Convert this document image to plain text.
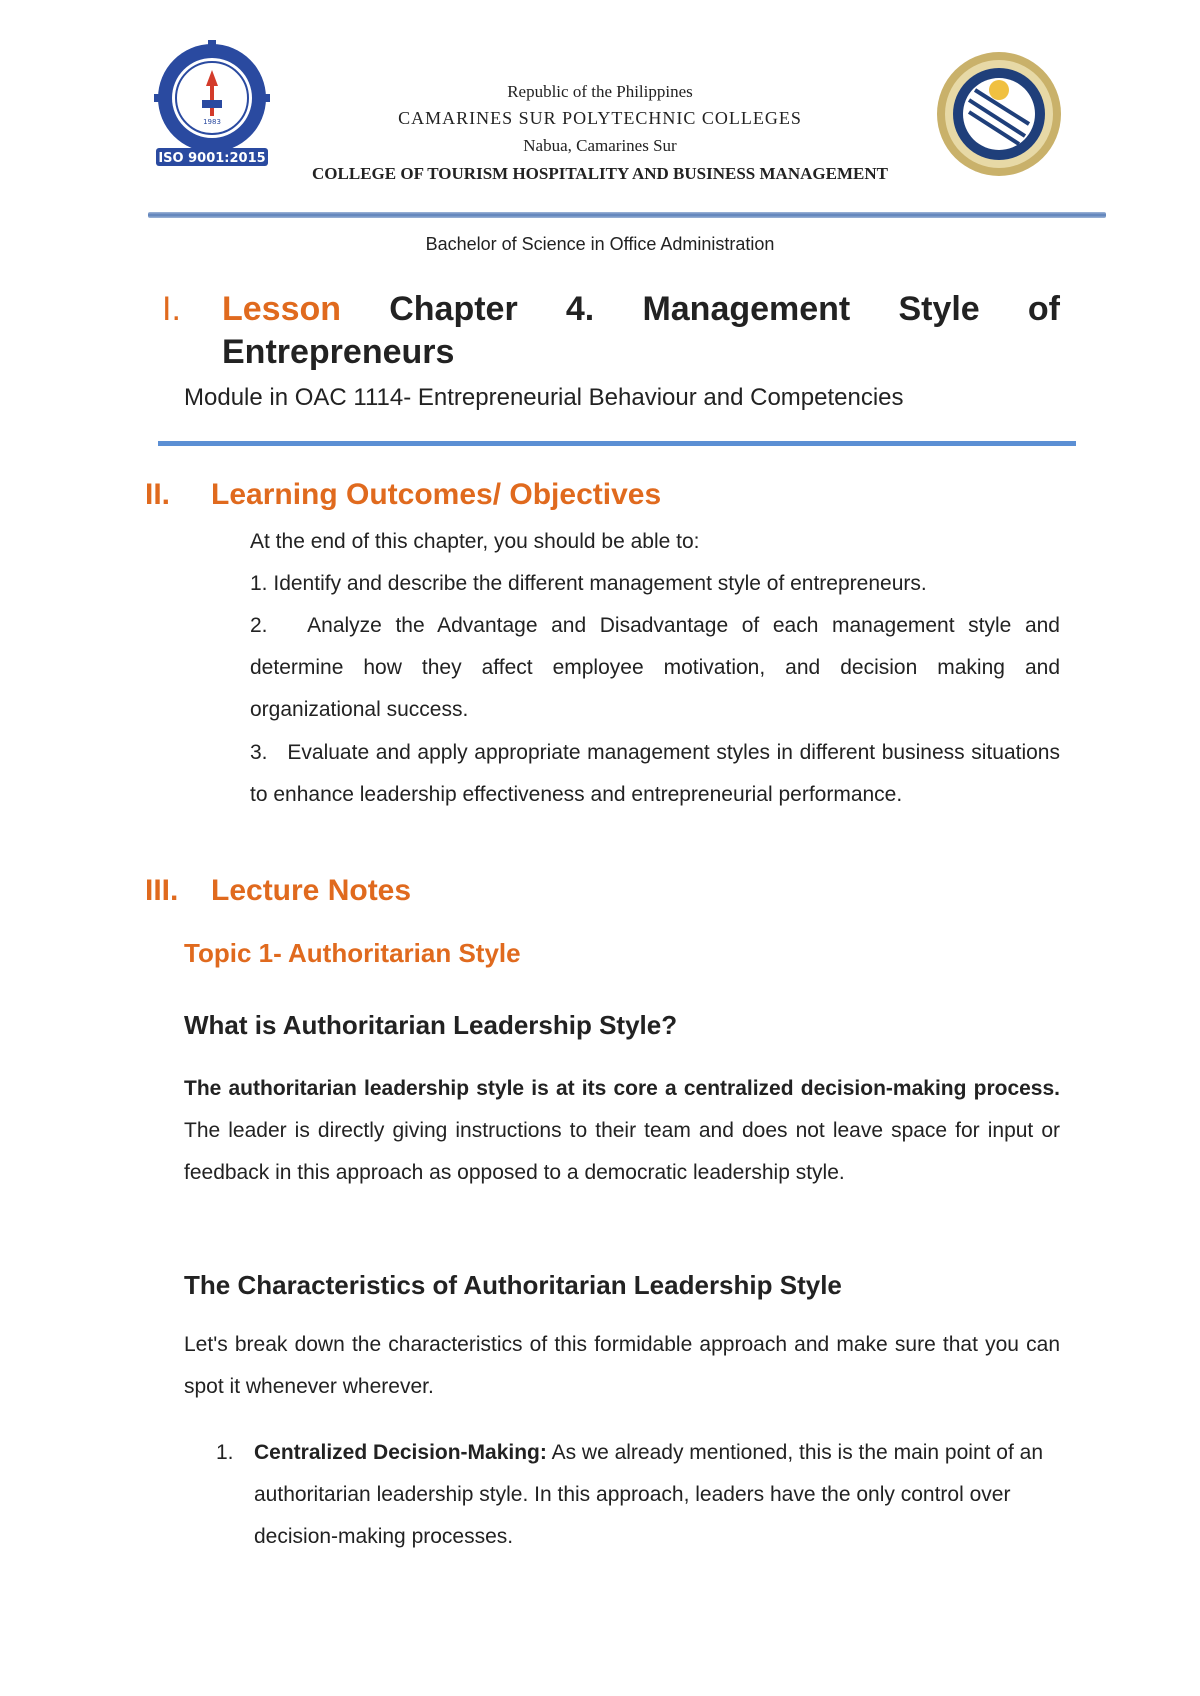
1983
ISO 9001:2015
Republic of the Philippines
CAMARINES SUR POLYTECHNIC COLLEGES
Nabua, Camarines Sur
COLLEGE OF TOURISM HOSPITALITY AND BUSINESS MANAGEMENT
Bachelor of Science in Office Administration
I. Lesson Chapter 4. Management Style of
Entrepreneurs
Module in OAC 1114- Entrepreneurial Behaviour and Competencies
II. Learning Outcomes/ Objectives
At the end of this chapter, you should be able to:
1. Identify and describe the different management style of entrepreneurs.
2. Analyze the Advantage and Disadvantage of each management style and determine how they affect employee motivation, and decision making and organizational success.
3. Evaluate and apply appropriate management styles in different business situations to enhance leadership effectiveness and entrepreneurial performance.
III. Lecture Notes
Topic 1- Authoritarian Style
What is Authoritarian Leadership Style?
The authoritarian leadership style is at its core a centralized decision-making process. The leader is directly giving instructions to their team and does not leave space for input or feedback in this approach as opposed to a democratic leadership style.
The Characteristics of Authoritarian Leadership Style
Let's break down the characteristics of this formidable approach and make sure that you can spot it whenever wherever.
1. Centralized Decision-Making: As we already mentioned, this is the main point of an authoritarian leadership style. In this approach, leaders have the only control over decision-making processes.
